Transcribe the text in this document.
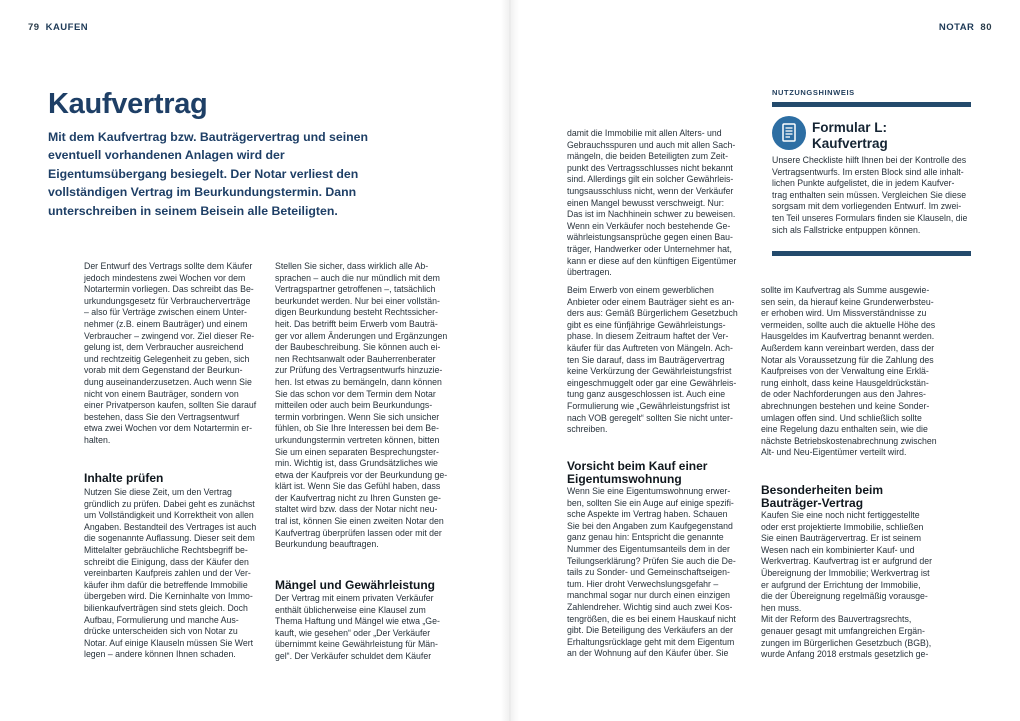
79 KAUFEN	NOTAR 80
Kaufvertrag
Mit dem Kaufvertrag bzw. Bauträgervertrag und seinen eventuell vorhandenen Anlagen wird der Eigentumsübergang besiegelt. Der Notar verliest den vollständigen Vertrag im Beurkundungstermin. Dann unterschreiben in seinem Beisein alle Beteiligten.
Der Entwurf des Vertrags sollte dem Käufer
jedoch mindestens zwei Wochen vor dem
Notartermin vorliegen. Das schreibt das Be-
urkundungsgesetz für Verbraucherverträge
– also für Verträge zwischen einem Unter-
nehmer (z.B. einem Bauträger) und einem
Verbraucher – zwingend vor. Ziel dieser Re-
gelung ist, dem Verbraucher ausreichend
und rechtzeitig Gelegenheit zu geben, sich
vorab mit dem Gegenstand der Beurkun-
dung auseinanderzusetzen. Auch wenn Sie
nicht von einem Bauträger, sondern von
einer Privatperson kaufen, sollten Sie darauf
bestehen, dass Sie den Vertragsentwurf
etwa zwei Wochen vor dem Notartermin er-
halten.
Inhalte prüfen
Nutzen Sie diese Zeit, um den Vertrag
gründlich zu prüfen. Dabei geht es zunächst
um Vollständigkeit und Korrektheit von allen
Angaben. Bestandteil des Vertrages ist auch
die sogenannte Auflassung. Dieser seit dem
Mittelalter gebräuchliche Rechtsbegriff be-
schreibt die Einigung, dass der Käufer den
vereinbarten Kaufpreis zahlen und der Ver-
käufer ihm dafür die betreffende Immobilie
übergeben wird. Die Kerninhalte von Immo-
bilienkaufverträgen sind stets gleich. Doch
Aufbau, Formulierung und manche Aus-
drücke unterscheiden sich von Notar zu
Notar. Auf einige Klauseln müssen Sie Wert
legen – andere können Ihnen schaden.
Stellen Sie sicher, dass wirklich alle Ab-
sprachen – auch die nur mündlich mit dem
Vertragspartner getroffenen –, tatsächlich
beurkundet werden. Nur bei einer vollstän-
digen Beurkundung besteht Rechtssicher-
heit. Das betrifft beim Erwerb vom Bauträ-
ger vor allem Änderungen und Ergänzungen
der Baubeschreibung. Sie können auch ei-
nen Rechtsanwalt oder Bauherrenberater
zur Prüfung des Vertragsentwurfs hinzuzie-
hen. Ist etwas zu bemängeln, dann können
Sie das schon vor dem Termin dem Notar
mitteilen oder auch beim Beurkundungs-
termin vorbringen. Wenn Sie sich unsicher
fühlen, ob Sie Ihre Interessen bei dem Be-
urkundungstermin vertreten können, bitten
Sie um einen separaten Besprechungster-
min. Wichtig ist, dass Grundsätzliches wie
etwa der Kaufpreis vor der Beurkundung ge-
klärt ist. Wenn Sie das Gefühl haben, dass
der Kaufvertrag nicht zu Ihren Gunsten ge-
staltet wird bzw. dass der Notar nicht neu-
tral ist, können Sie einen zweiten Notar den
Kaufvertrag überprüfen lassen oder mit der
Beurkundung beauftragen.
Mängel und Gewährleistung
Der Vertrag mit einem privaten Verkäufer
enthält üblicherweise eine Klausel zum
Thema Haftung und Mängel wie etwa „Ge-
kauft, wie gesehen“ oder „Der Verkäufer
übernimmt keine Gewährleistung für Män-
gel“. Der Verkäufer schuldet dem Käufer
damit die Immobilie mit allen Alters- und
Gebrauchsspuren und auch mit allen Sach-
mängeln, die beiden Beteiligten zum Zeit-
punkt des Vertragsschlusses nicht bekannt
sind. Allerdings gilt ein solcher Gewährleis-
tungsausschluss nicht, wenn der Verkäufer
einen Mangel bewusst verschweigt. Nur:
Das ist im Nachhinein schwer zu beweisen.
Wenn ein Verkäufer noch bestehende Ge-
währleistungsansprüche gegen einen Bau-
träger, Handwerker oder Unternehmer hat,
kann er diese auf den künftigen Eigentümer
übertragen.
Beim Erwerb von einem gewerblichen
Anbieter oder einem Bauträger sieht es an-
ders aus: Gemäß Bürgerlichem Gesetzbuch
gibt es eine fünfjährige Gewährleistungs-
phase. In diesem Zeitraum haftet der Ver-
käufer für das Auftreten von Mängeln. Ach-
ten Sie darauf, dass im Bauträgervertrag
keine Verkürzung der Gewährleistungsfrist
eingeschmuggelt oder gar eine Gewährleis-
tung ganz ausgeschlossen ist. Auch eine
Formulierung wie „Gewährleistungsfrist ist
nach VOB geregelt“ sollten Sie nicht unter-
schreiben.
Vorsicht beim Kauf einer
Eigentumswohnung
Wenn Sie eine Eigentumswohnung erwer-
ben, sollten Sie ein Auge auf einige spezifi-
sche Aspekte im Vertrag haben. Schauen
Sie bei den Angaben zum Kaufgegenstand
ganz genau hin: Entspricht die genannte
Nummer des Eigentumsanteils dem in der
Teilungserklärung? Prüfen Sie auch die De-
tails zu Sonder- und Gemeinschaftseigen-
tum. Hier droht Verwechslungsgefahr –
manchmal sogar nur durch einen einzigen
Zahlendreher. Wichtig sind auch zwei Kos-
tengrößen, die es bei einem Hauskauf nicht
gibt. Die Beteiligung des Verkäufers an der
Erhaltungsrücklage geht mit dem Eigentum
an der Wohnung auf den Käufer über. Sie
NUTZUNGSHINWEIS
Formular L:
Kaufvertrag
Unsere Checkliste hilft Ihnen bei der Kontrolle des
Vertragsentwurfs. Im ersten Block sind alle inhalt-
lichen Punkte aufgelistet, die in jedem Kaufver-
trag enthalten sein müssen. Vergleichen Sie diese
sorgsam mit dem vorliegenden Entwurf. Im zwei-
ten Teil unseres Formulars finden sie Klauseln, die
sich als Fallstricke entpuppen können.
sollte im Kaufvertrag als Summe ausgewie-
sen sein, da hierauf keine Grunderwerbsteu-
er erhoben wird. Um Missverständnisse zu
vermeiden, sollte auch die aktuelle Höhe des
Hausgeldes im Kaufvertrag benannt werden.
Außerdem kann vereinbart werden, dass der
Notar als Voraussetzung für die Zahlung des
Kaufpreises von der Verwaltung eine Erklä-
rung einholt, dass keine Hausgeldrückstän-
de oder Nachforderungen aus den Jahres-
abrechnungen bestehen und keine Sonder-
umlagen offen sind. Und schließlich sollte
eine Regelung dazu enthalten sein, wie die
nächste Betriebskostenabrechnung zwischen
Alt- und Neu-Eigentümer verteilt wird.
Besonderheiten beim
Bauträger-Vertrag
Kaufen Sie eine noch nicht fertiggestellte
oder erst projektierte Immobilie, schließen
Sie einen Bauträgervertrag. Er ist seinem
Wesen nach ein kombinierter Kauf- und
Werkvertrag. Kaufvertrag ist er aufgrund der
Übereignung der Immobilie; Werkvertrag ist
er aufgrund der Errichtung der Immobilie,
die der Übereignung regelmäßig vorausge-
hen muss.
Mit der Reform des Bauvertragsrechts,
genauer gesagt mit umfangreichen Ergän-
zungen im Bürgerlichen Gesetzbuch (BGB),
wurde Anfang 2018 erstmals gesetzlich ge-
